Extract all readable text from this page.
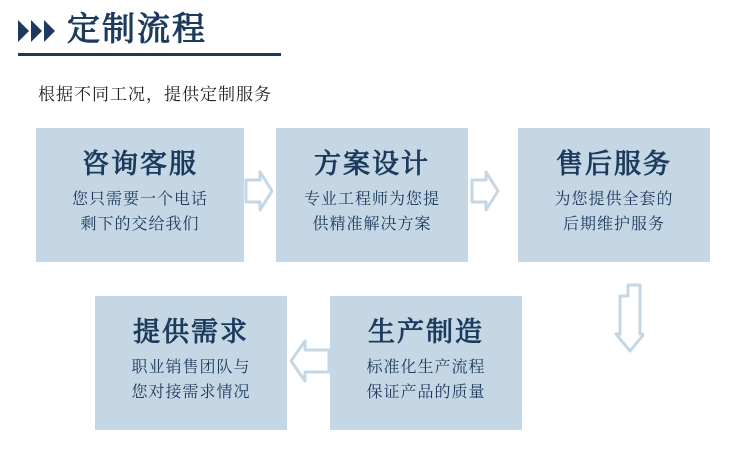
定制流程
根据不同工况，提供定制服务
咨询客服
您只需要一个电话
剩下的交给我们
方案设计
专业工程师为您提
供精准解决方案
售后服务
为您提供全套的
后期维护服务
提供需求
职业销售团队与
您对接需求情况
生产制造
标准化生产流程
保证产品的质量
